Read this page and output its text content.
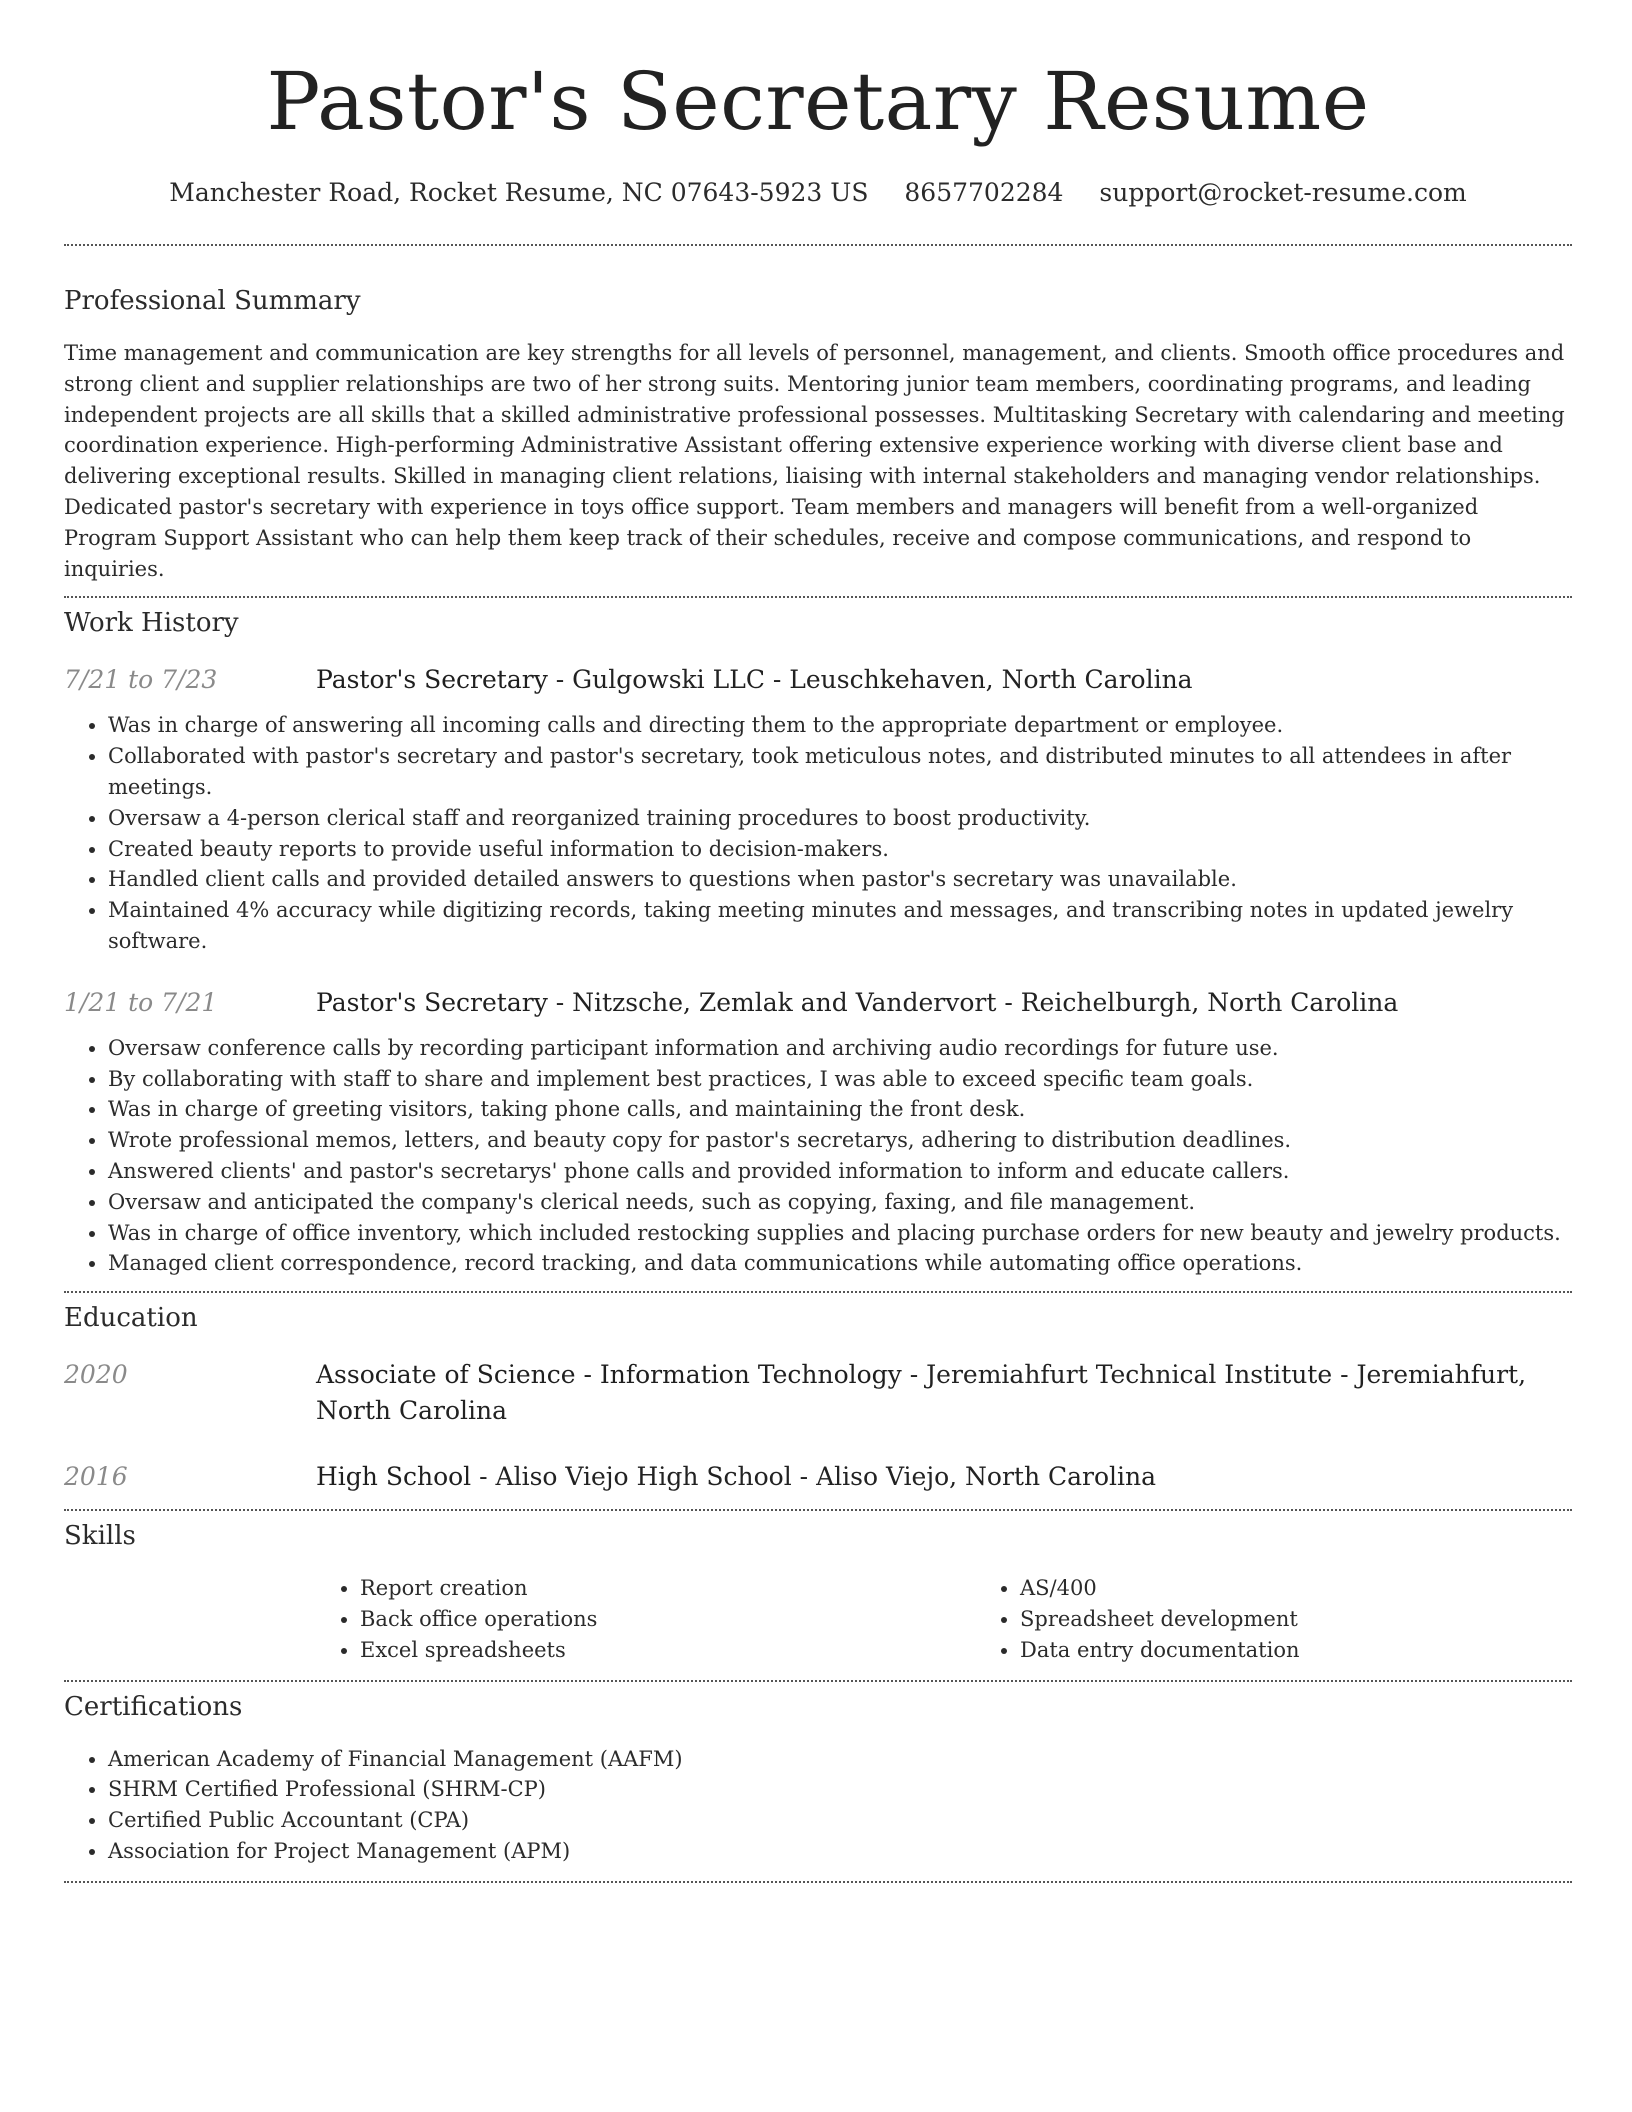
Pastor's Secretary Resume
Manchester Road, Rocket Resume, NC 07643-5923 US 8657702284 support@rocket-resume.com
Professional Summary

Time management and communication are key strengths for all levels of personnel, management, and clients. Smooth office procedures and strong client and supplier relationships are two of her strong suits. Mentoring junior team members, coordinating programs, and leading independent projects are all skills that a skilled administrative professional possesses. Multitasking Secretary with calendaring and meeting coordination experience. High-performing Administrative Assistant offering extensive experience working with diverse client base and delivering exceptional results. Skilled in managing client relations, liaising with internal stakeholders and managing vendor relationships. Dedicated pastor's secretary with experience in toys office support. Team members and managers will benefit from a well-organized Program Support Assistant who can help them keep track of their schedules, receive and compose communications, and respond to inquiries.

Work History
7/21 to 7/23	Pastor's Secretary - Gulgowski LLC - Leuschkehaven, North Carolina
• Was in charge of answering all incoming calls and directing them to the appropriate department or employee.
• Collaborated with pastor's secretary and pastor's secretary, took meticulous notes, and distributed minutes to all attendees in after meetings.
• Oversaw a 4-person clerical staff and reorganized training procedures to boost productivity.
• Created beauty reports to provide useful information to decision-makers.
• Handled client calls and provided detailed answers to questions when pastor's secretary was unavailable.
• Maintained 4% accuracy while digitizing records, taking meeting minutes and messages, and transcribing notes in updated jewelry software.
1/21 to 7/21	Pastor's Secretary - Nitzsche, Zemlak and Vandervort - Reichelburgh, North Carolina
• Oversaw conference calls by recording participant information and archiving audio recordings for future use.
• By collaborating with staff to share and implement best practices, I was able to exceed specific team goals.
• Was in charge of greeting visitors, taking phone calls, and maintaining the front desk.
• Wrote professional memos, letters, and beauty copy for pastor's secretarys, adhering to distribution deadlines.
• Answered clients' and pastor's secretarys' phone calls and provided information to inform and educate callers.
• Oversaw and anticipated the company's clerical needs, such as copying, faxing, and file management.
• Was in charge of office inventory, which included restocking supplies and placing purchase orders for new beauty and jewelry products.
• Managed client correspondence, record tracking, and data communications while automating office operations.
Education
2020	Associate of Science - Information Technology - Jeremiahfurt Technical Institute - Jeremiahfurt, North Carolina
2016	High School - Aliso Viejo High School - Aliso Viejo, North Carolina
Skills
• Report creation
• Back office operations
• Excel spreadsheets
• AS/400
• Spreadsheet development
• Data entry documentation
Certifications
• American Academy of Financial Management (AAFM)
• SHRM Certified Professional (SHRM-CP)
• Certified Public Accountant (CPA)
• Association for Project Management (APM)
